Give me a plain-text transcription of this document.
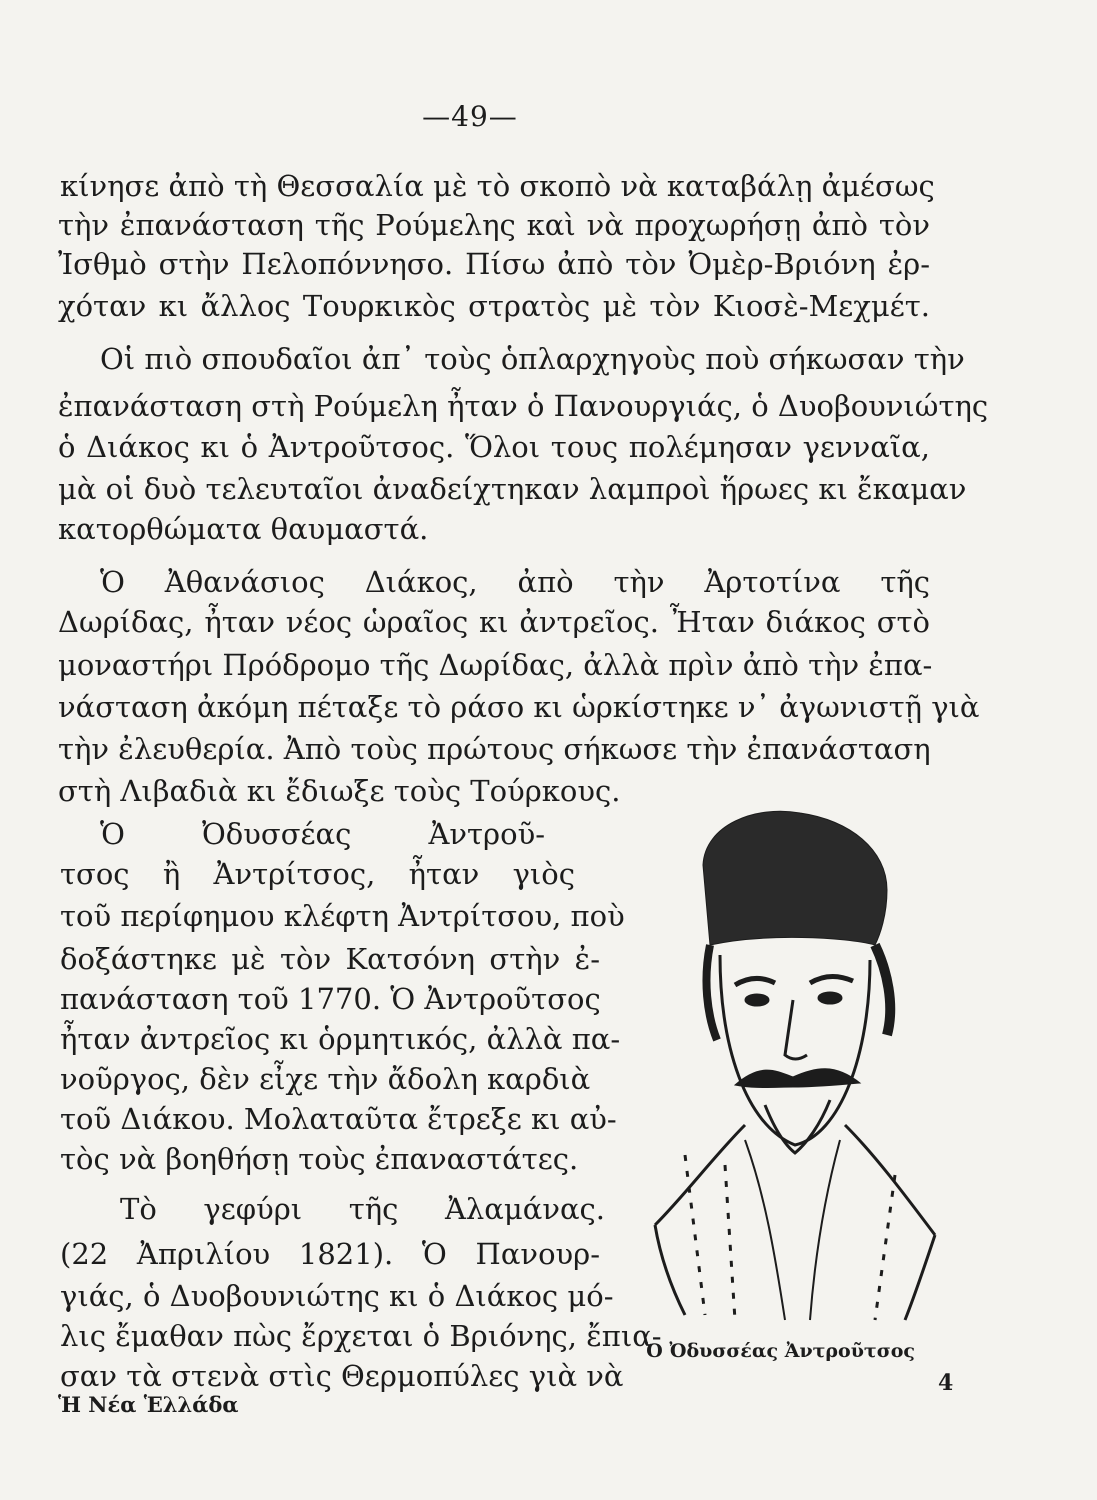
—49—
κίνησε ἀπὸ τὴ Θεσσαλία μὲ τὸ σκοπὸ νὰ καταβάλῃ ἀμέσως
τὴν ἐπανάσταση τῆς Ρούμελης καὶ νὰ προχωρήσῃ ἀπὸ τὸν
Ἰσθμὸ στὴν Πελοπόννησο. Πίσω ἀπὸ τὸν Ὀμὲρ-Βριόνη ἐρ-
χόταν κι ἄλλος Τουρκικὸς στρατὸς μὲ τὸν Κιοσὲ-Μεχμέτ.
Οἱ πιὸ σπουδαῖοι ἀπ᾿ τοὺς ὁπλαρχηγοὺς ποὺ σήκωσαν τὴν
ἐπανάσταση στὴ Ρούμελη ἦταν ὁ Πανουργιάς, ὁ Δυοβουνιώτης
ὁ Διάκος κι ὁ Ἀντροῦτσος. Ὅλοι τους πολέμησαν γενναῖα,
μὰ οἱ δυὸ τελευταῖοι ἀναδείχτηκαν λαμπροὶ ἥρωες κι ἔκαμαν
κατορθώματα θαυμαστά.
Ὁ Ἀθανάσιος Διάκος, ἀπὸ τὴν Ἀρτοτίνα τῆς
Δωρίδας, ἦταν νέος ὡραῖος κι ἀντρεῖος. Ἦταν διάκος στὸ
μοναστήρι Πρόδρομο τῆς Δωρίδας, ἀλλὰ πρὶν ἀπὸ τὴν ἐπα-
νάσταση ἀκόμη πέταξε τὸ ράσο κι ὡρκίστηκε ν᾿ ἀγωνιστῇ γιὰ
τὴν ἐλευθερία. Ἀπὸ τοὺς πρώτους σήκωσε τὴν ἐπανάσταση
στὴ Λιβαδιὰ κι ἔδιωξε τοὺς Τούρκους.
Ὁ Ὀδυσσέας Ἀντροῦ-
τσος ἢ Ἀντρίτσος, ἦταν γιὸς
τοῦ περίφημου κλέφτη Ἀντρίτσου, ποὺ
δοξάστηκε μὲ τὸν Κατσόνη στὴν ἐ-
πανάσταση τοῦ 1770. Ὁ Ἀντροῦτσος
ἦταν ἀντρεῖος κι ὁρμητικός, ἀλλὰ πα-
νοῦργος, δὲν εἶχε τὴν ἄδολη καρδιὰ
τοῦ Διάκου. Μολαταῦτα ἔτρεξε κι αὐ-
τὸς νὰ βοηθήσῃ τοὺς ἐπαναστάτες.
Τὸ γεφύρι τῆς Ἀλαμάνας.
(22 Ἀπριλίου 1821). Ὁ Πανουρ-
γιάς, ὁ Δυοβουνιώτης κι ὁ Διάκος μό-
λις ἔμαθαν πὼς ἔρχεται ὁ Βριόνης, ἔπια-
σαν τὰ στενὰ στὶς Θερμοπύλες γιὰ νὰ
Ὁ Ὀδυσσέας Ἀντροῦτσος
4
Ἡ Νέα Ἑλλάδα
